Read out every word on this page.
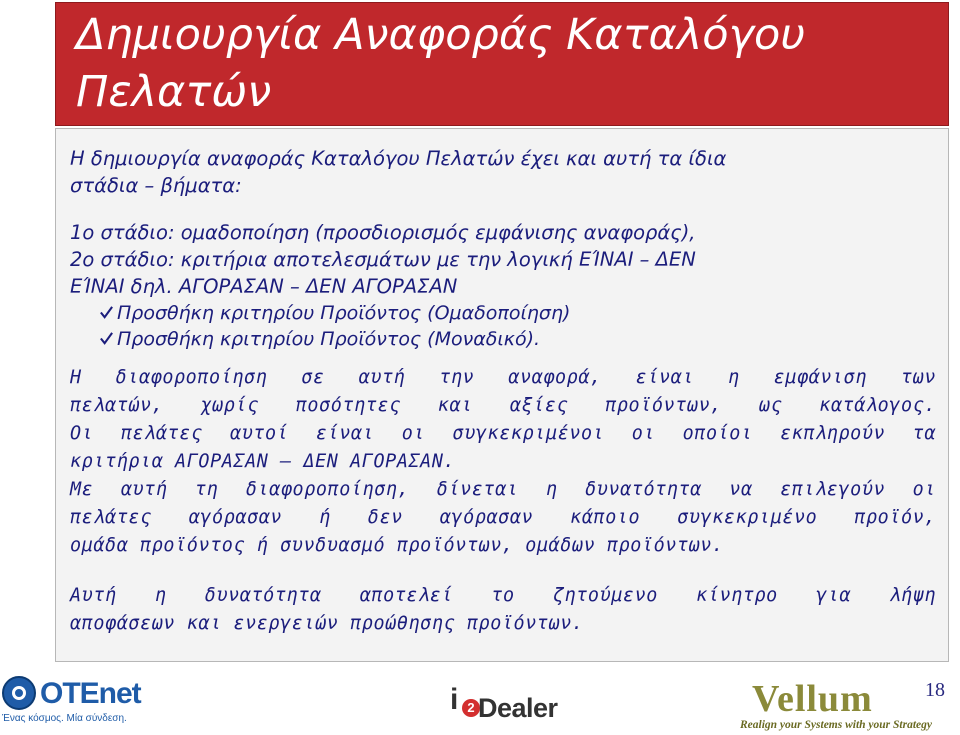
Δημιουργία Αναφοράς Καταλόγου
Πελατών

Η δημιουργία αναφοράς Καταλόγου Πελατών έχει και αυτή τα ίδια
στάδια – βήματα:

1ο στάδιο: ομαδοποίηση (προσδιορισμός εμφάνισης αναφοράς),
2ο στάδιο: κριτήρια αποτελεσμάτων με την λογική ΕΊΝΑΙ – ΔΕΝ
ΕΊΝΑΙ δηλ. ΑΓΟΡΑΣΑΝ – ΔΕΝ ΑΓΟΡΑΣΑΝ

Προσθήκη κριτηρίου Προϊόντος (Ομαδοποίηση)
Προσθήκη κριτηρίου Προϊόντος (Μοναδικό).
Η διαφοροποίηση σε αυτή την αναφορά, είναι η εμφάνιση των
πελατών, χωρίς ποσότητες και αξίες προϊόντων, ως κατάλογος.
Οι πελάτες αυτοί είναι οι συγκεκριμένοι οι οποίοι εκπληρούν τα
κριτήρια ΑΓΟΡΑΣΑΝ – ΔΕΝ ΑΓΟΡΑΣΑΝ.
Με αυτή τη διαφοροποίηση, δίνεται η δυνατότητα να επιλεγούν οι
πελάτες αγόρασαν ή δεν αγόρασαν κάποιο συγκεκριμένο προϊόν,
ομάδα προϊόντος ή συνδυασμό προϊόντων, ομάδων προϊόντων.
Αυτή η δυνατότητα αποτελεί το ζητούμενο κίνητρο για λήψη
αποφάσεων και ενεργειών προώθησης προϊόντων.
OTEnet
Ένας κόσμος. Μία σύνδεση.
i 2 Dealer	Vellum
Realign your Systems with your Strategy
18
